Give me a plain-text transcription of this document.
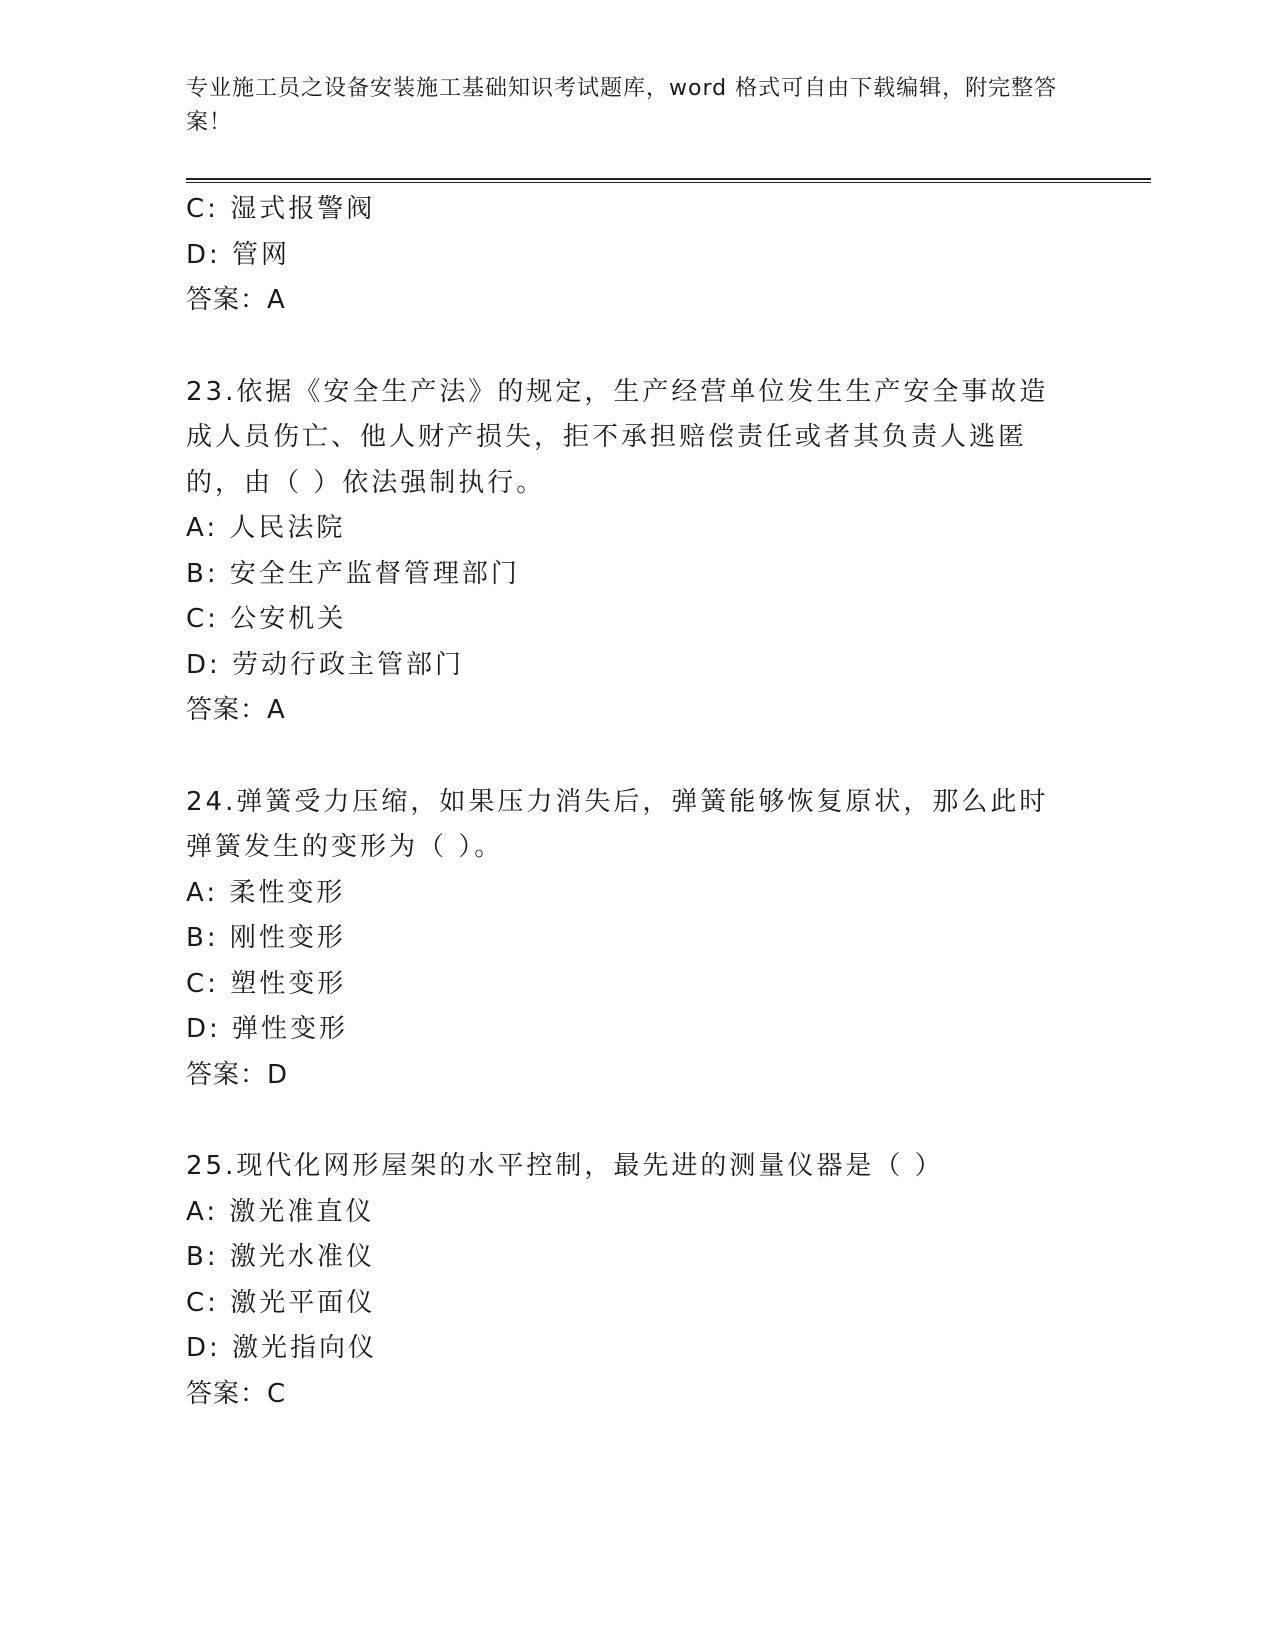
专业施工员之设备安装施工基础知识考试题库，word 格式可自由下载编辑，附完整答案！
C: 湿式报警阀
D: 管网
答案：A
23.依据《安全生产法》的规定，生产经营单位发生生产安全事故造成人员伤亡、他人财产损失，拒不承担赔偿责任或者其负责人逃匿的，由（ ）依法强制执行。
A: 人民法院
B: 安全生产监督管理部门
C: 公安机关
D: 劳动行政主管部门
答案：A
24.弹簧受力压缩，如果压力消失后，弹簧能够恢复原状，那么此时弹簧发生的变形为（ ）。
A: 柔性变形
B: 刚性变形
C: 塑性变形
D: 弹性变形
答案：D
25.现代化网形屋架的水平控制，最先进的测量仪器是（ ）
A: 激光准直仪
B: 激光水准仪
C: 激光平面仪
D: 激光指向仪
答案：C
